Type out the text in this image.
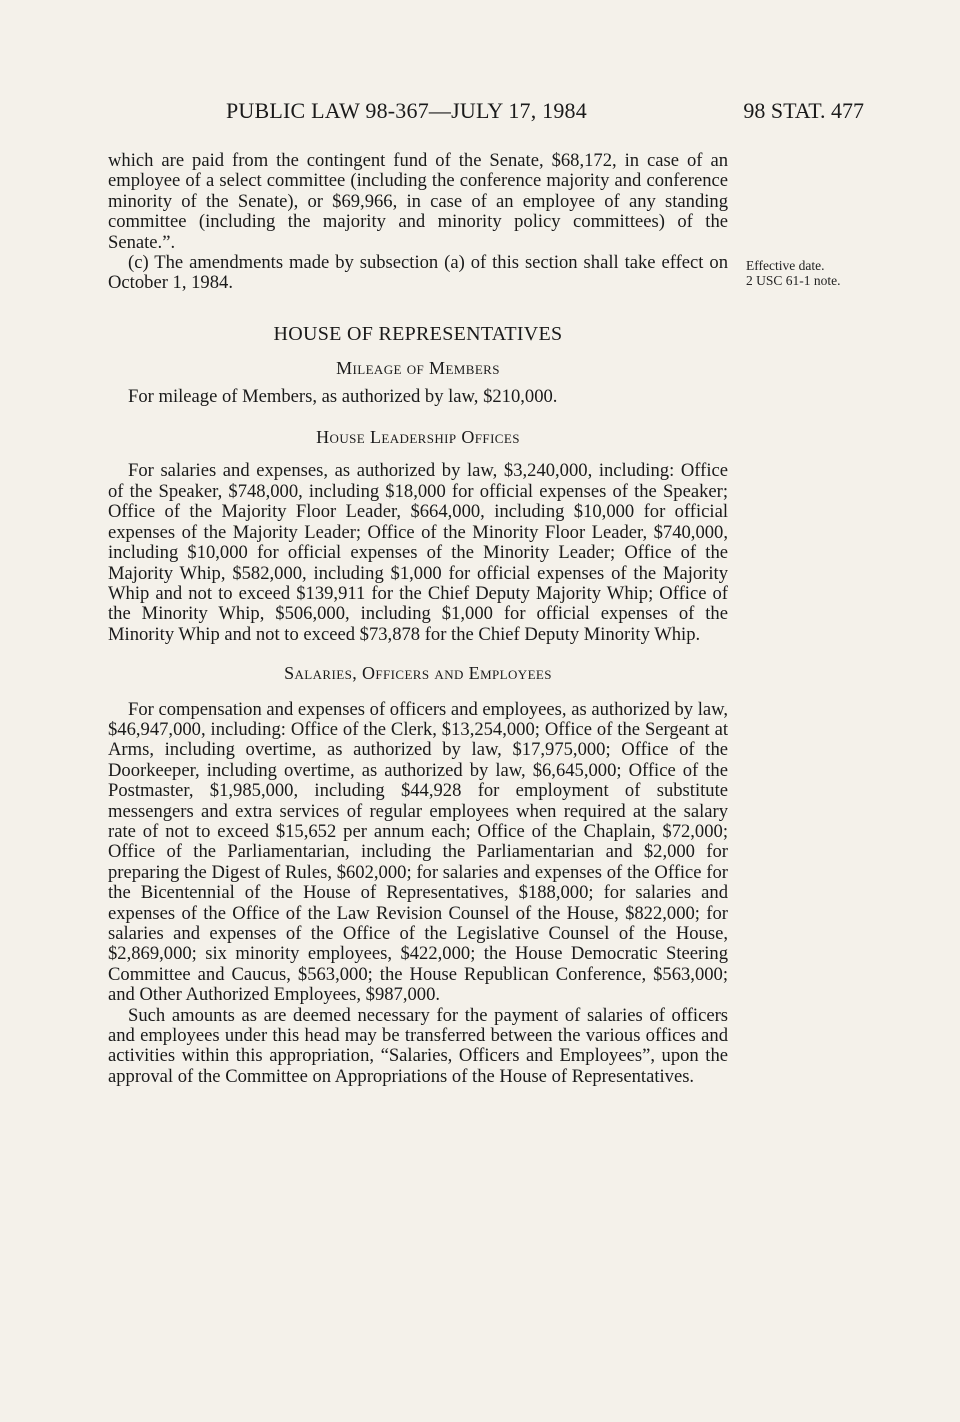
PUBLIC LAW 98-367—JULY 17, 1984	98 STAT. 477
Effective date.
2 USC 61-1 note.

which are paid from the contingent fund of the Senate, $68,172, in case of an employee of a select committee (including the conference majority and conference minority of the Senate), or $69,966, in case of an employee of any standing committee (including the majority and minority policy committees) of the Senate.”.

(c) The amendments made by subsection (a) of this section shall take effect on October 1, 1984.

HOUSE OF REPRESENTATIVES

Mileage of Members

For mileage of Members, as authorized by law, $210,000.

House Leadership Offices

For salaries and expenses, as authorized by law, $3,240,000, including: Office of the Speaker, $748,000, including $18,000 for official expenses of the Speaker; Office of the Majority Floor Leader, $664,000, including $10,000 for official expenses of the Majority Leader; Office of the Minority Floor Leader, $740,000, including $10,000 for official expenses of the Minority Leader; Office of the Majority Whip, $582,000, including $1,000 for official expenses of the Majority Whip and not to exceed $139,911 for the Chief Deputy Majority Whip; Office of the Minority Whip, $506,000, including $1,000 for official expenses of the Minority Whip and not to exceed $73,878 for the Chief Deputy Minority Whip.

Salaries, Officers and Employees

For compensation and expenses of officers and employees, as authorized by law, $46,947,000, including: Office of the Clerk, $13,254,000; Office of the Sergeant at Arms, including overtime, as authorized by law, $17,975,000; Office of the Doorkeeper, including overtime, as authorized by law, $6,645,000; Office of the Postmaster, $1,985,000, including $44,928 for employment of substitute messengers and extra services of regular employees when required at the salary rate of not to exceed $15,652 per annum each; Office of the Chaplain, $72,000; Office of the Parliamentarian, including the Parliamentarian and $2,000 for preparing the Digest of Rules, $602,000; for salaries and expenses of the Office for the Bicentennial of the House of Representatives, $188,000; for salaries and expenses of the Office of the Law Revision Counsel of the House, $822,000; for salaries and expenses of the Office of the Legislative Counsel of the House, $2,869,000; six minority employees, $422,000; the House Democratic Steering Committee and Caucus, $563,000; the House Republican Conference, $563,000; and Other Authorized Employees, $987,000.

Such amounts as are deemed necessary for the payment of salaries of officers and employees under this head may be transferred between the various offices and activities within this appropriation, “Salaries, Officers and Employees”, upon the approval of the Committee on Appropriations of the House of Representatives.
